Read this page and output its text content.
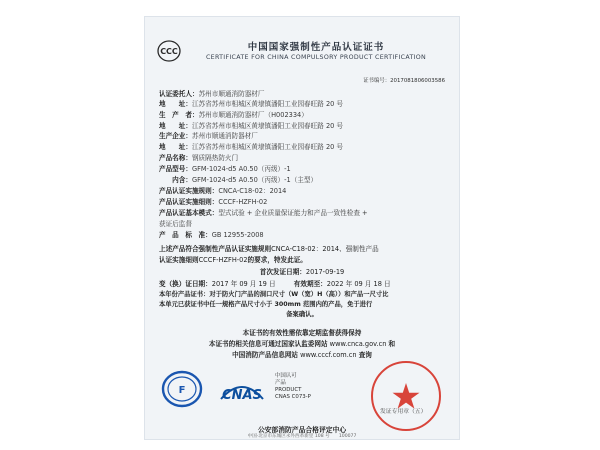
CCC	中国国家强制性产品认证证书
CERTIFICATE FOR CHINA COMPULSORY PRODUCT CERTIFICATION
证书编号：2017081806003586
认证委托人：苏州市顺通消防器材厂
地　　址：江苏省苏州市相城区黄埭镇潘阳工业园春旺路 20 号
生　产　者：苏州市顺通消防器材厂（H002334）
地　　址：江苏省苏州市相城区黄埭镇潘阳工业园春旺路 20 号
生产企业：苏州市顺通消防器材厂
地　　址：江苏省苏州市相城区黄埭镇潘阳工业园春旺路 20 号
产品名称：钢质隔热防火门
产品型号：GFM-1024-d5 A0.50（丙级）-1
　　内含：GFM-1024-d5 A0.50（丙级）-1（主型）
产品认证实施规则：CNCA-C18-02：2014
产品认证实施细则：CCCF-HZFH-02
产品认证基本模式：型式试验 + 企业质量保证能力和产品一致性检查 +
获证后监督
产　品　标　准：GB 12955-2008
上述产品符合强制性产品认证实施规则CNCA-C18-02：2014、强制性产品
认证实施细则CCCF-HZFH-02的要求，特发此证。
首次发证日期：2017-09-19
变（换）证日期：2017 年 09 月 19 日	有效期至：2022 年 09 月 18 日
本年份产品证书：对于防火门产品的洞口尺寸（W（宽）H（高））和产品一尺寸比
本单元已获证书中任一规格产品尺寸小于 300mm 范围内的产品，免于进行
备案确认。
本证书的有效性需依靠定期监督获得保持
本证书的相关信息可通过国家认监委网站 www.cnca.gov.cn 和
中国消防产品信息网站 www.cccf.com.cn 查询
F	CNAS
中国认可
产品
PRODUCT
CNAS C073-P
发证专用章（五）
公安部消防产品合格评定中心
中国·北京市东城区永外西革新里 108 号　　100077
